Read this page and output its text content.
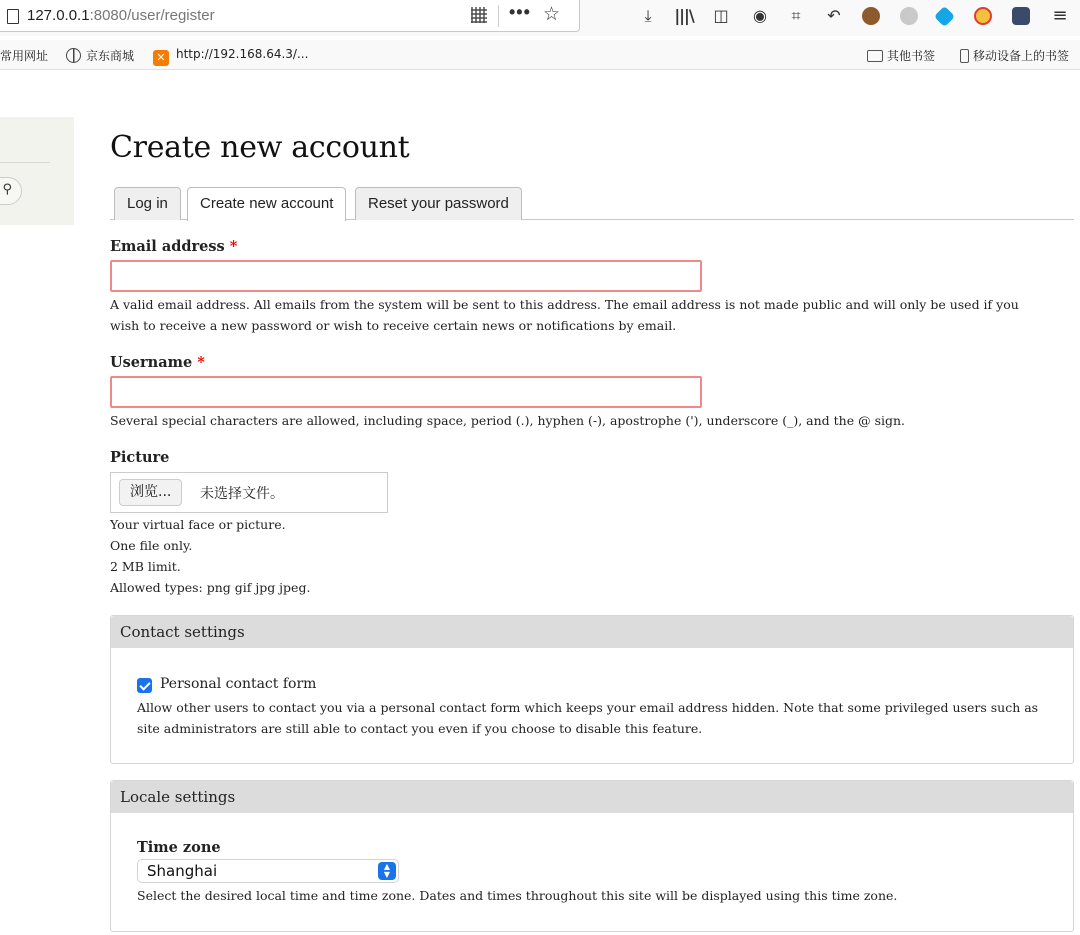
127.0.0.1:8080/user/register	••• ☆	⤓	|||\ ◫ ◉	⌗	↶	≡
常用网址	京东商城	✕ http://192.168.64.3/...	其他书签	移动设备上的书签
⚲
Create new account
Log in	Create new account	Reset your password
Email address *
A valid email address. All emails from the system will be sent to this address. The email address is not made public and will only be used if you wish to receive a new password or wish to receive certain news or notifications by email.
Username *
Several special characters are allowed, including space, period (.), hyphen (-), apostrophe ('), underscore (_), and the @ sign.
Picture
浏览...	未选择文件。
Your virtual face or picture.
One file only.
2 MB limit.
Allowed types: png gif jpg jpeg.
Contact settings
Personal contact form
Allow other users to contact you via a personal contact form which keeps your email address hidden. Note that some privileged users such as site administrators are still able to contact you even if you choose to disable this feature.
Locale settings
Time zone
Shanghai	▲
▼
Select the desired local time and time zone. Dates and times throughout this site will be displayed using this time zone.
